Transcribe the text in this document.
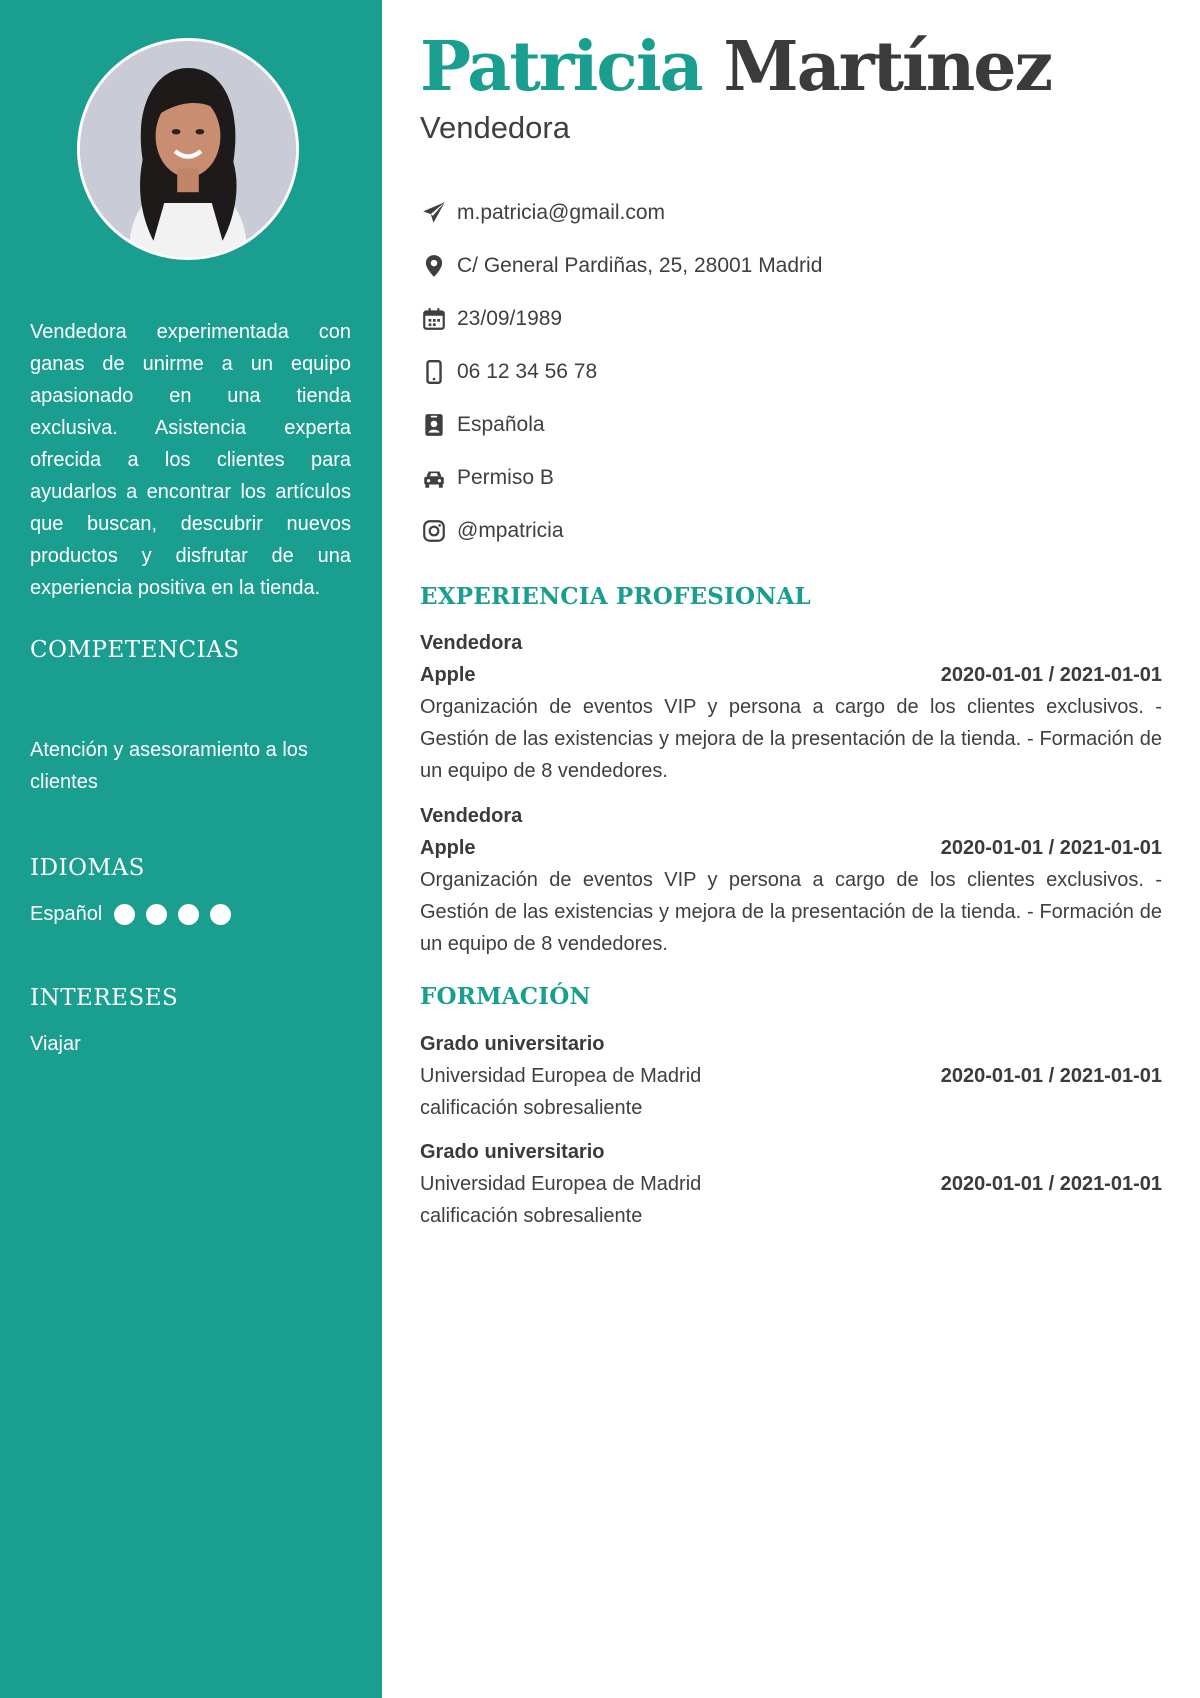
Vendedora experimentada con ganas de unirme a un equipo apasionado en una tienda exclusiva. Asistencia experta ofrecida a los clientes para ayudarlos a encontrar los artículos que buscan, descubrir nuevos productos y disfrutar de una experiencia positiva en la tienda.

COMPETENCIAS

Atención y asesoramiento a los clientes

IDIOMAS
Español
INTERESES

Viajar

Patricia Martínez

Vendedora

m.patricia@gmail.com
C/ General Pardiñas, 25, 28001 Madrid
23/09/1989
06 12 34 56 78
Española
Permiso B
@mpatricia
EXPERIENCIA PROFESIONAL

Vendedora

Apple	2020-01-01 / 2021-01-01

Organización de eventos VIP y persona a cargo de los clientes exclusivos. - Gestión de las existencias y mejora de la presentación de la tienda. - Formación de un equipo de 8 vendedores.

Vendedora

Apple	2020-01-01 / 2021-01-01

Organización de eventos VIP y persona a cargo de los clientes exclusivos. - Gestión de las existencias y mejora de la presentación de la tienda. - Formación de un equipo de 8 vendedores.

FORMACIÓN

Grado universitario

Universidad Europea de Madrid	2020-01-01 / 2021-01-01

calificación sobresaliente

Grado universitario

Universidad Europea de Madrid	2020-01-01 / 2021-01-01

calificación sobresaliente
